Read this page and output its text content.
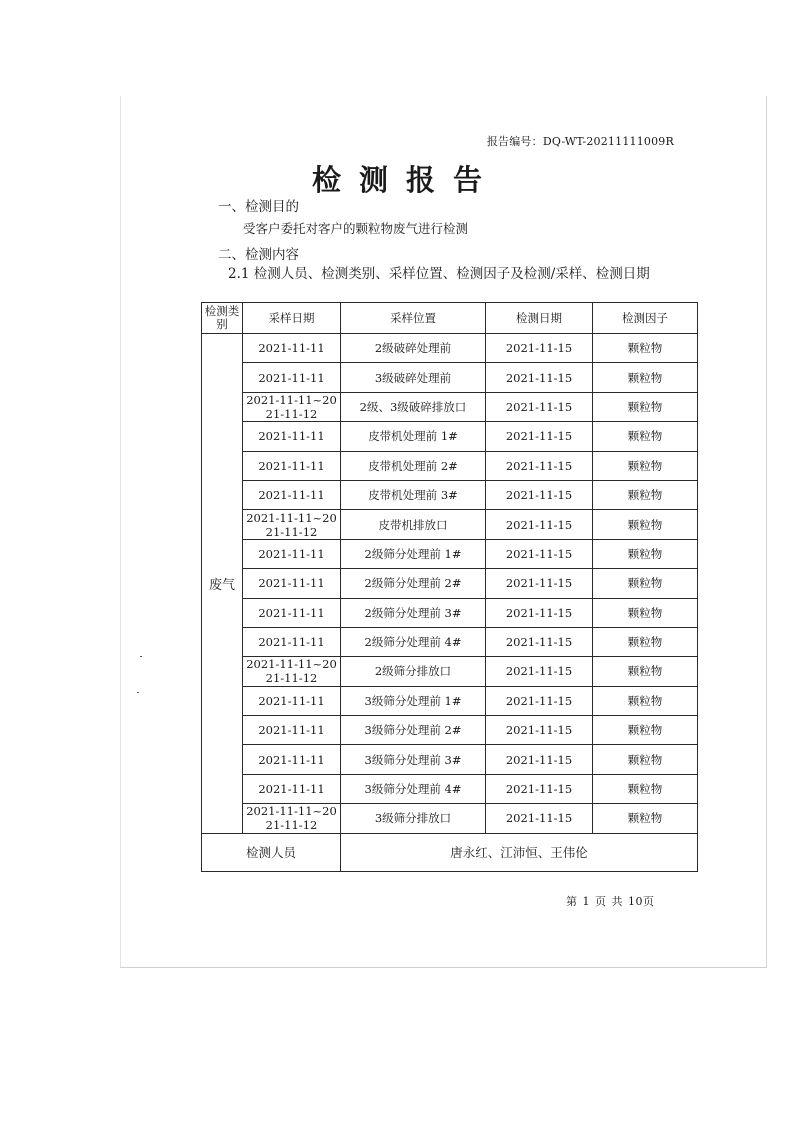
报告编号：DQ-WT-20211111009R
检测报告
一、检测目的
受客户委托对客户的颗粒物废气进行检测
二、检测内容
2.1 检测人员、检测类别、采样位置、检测因子及检测/采样、检测日期
检测类别	采样日期	采样位置	检测日期	检测因子
废气	2021-11-11	2级破碎处理前	2021-11-15	颗粒物
	2021-11-11	3级破碎处理前	2021-11-15	颗粒物
	2021-11-11~2021-11-12	2级、3级破碎排放口	2021-11-15	颗粒物
	2021-11-11	皮带机处理前 1#	2021-11-15	颗粒物
	2021-11-11	皮带机处理前 2#	2021-11-15	颗粒物
	2021-11-11	皮带机处理前 3#	2021-11-15	颗粒物
	2021-11-11~2021-11-12	皮带机排放口	2021-11-15	颗粒物
	2021-11-11	2级筛分处理前 1#	2021-11-15	颗粒物
	2021-11-11	2级筛分处理前 2#	2021-11-15	颗粒物
	2021-11-11	2级筛分处理前 3#	2021-11-15	颗粒物
	2021-11-11	2级筛分处理前 4#	2021-11-15	颗粒物
	2021-11-11~2021-11-12	2级筛分排放口	2021-11-15	颗粒物
	2021-11-11	3级筛分处理前 1#	2021-11-15	颗粒物
	2021-11-11	3级筛分处理前 2#	2021-11-15	颗粒物
	2021-11-11	3级筛分处理前 3#	2021-11-15	颗粒物
	2021-11-11	3级筛分处理前 4#	2021-11-15	颗粒物
	2021-11-11~2021-11-12	3级筛分排放口	2021-11-15	颗粒物
检测人员		唐永红、江沛恒、王伟伦		
第 1 页 共 10页
